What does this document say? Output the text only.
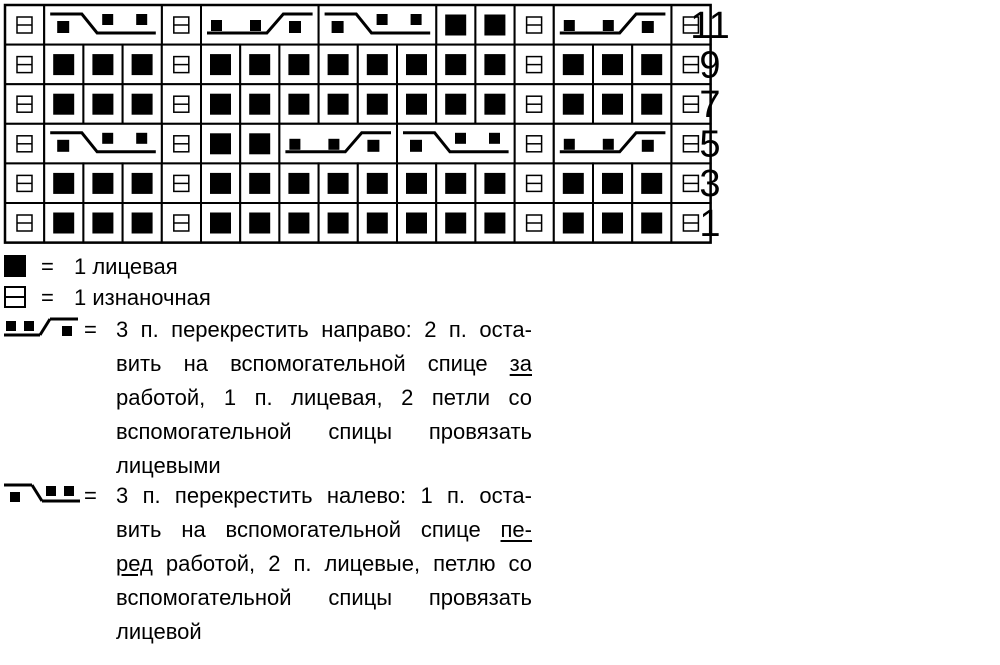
11
9
7
5
3
1
= 1 лицевая
= 1 изнаночная
= 3 п. перекрестить направо: 2 п. оста-
вить на вспомогательной спице за
работой, 1 п. лицевая, 2 петли со
вспомогательной спицы провязать
лицевыми
= 3 п. перекрестить налево: 1 п. оста-
вить на вспомогательной спице пе-
ред работой, 2 п. лицевые, петлю со
вспомогательной спицы провязать
лицевой
